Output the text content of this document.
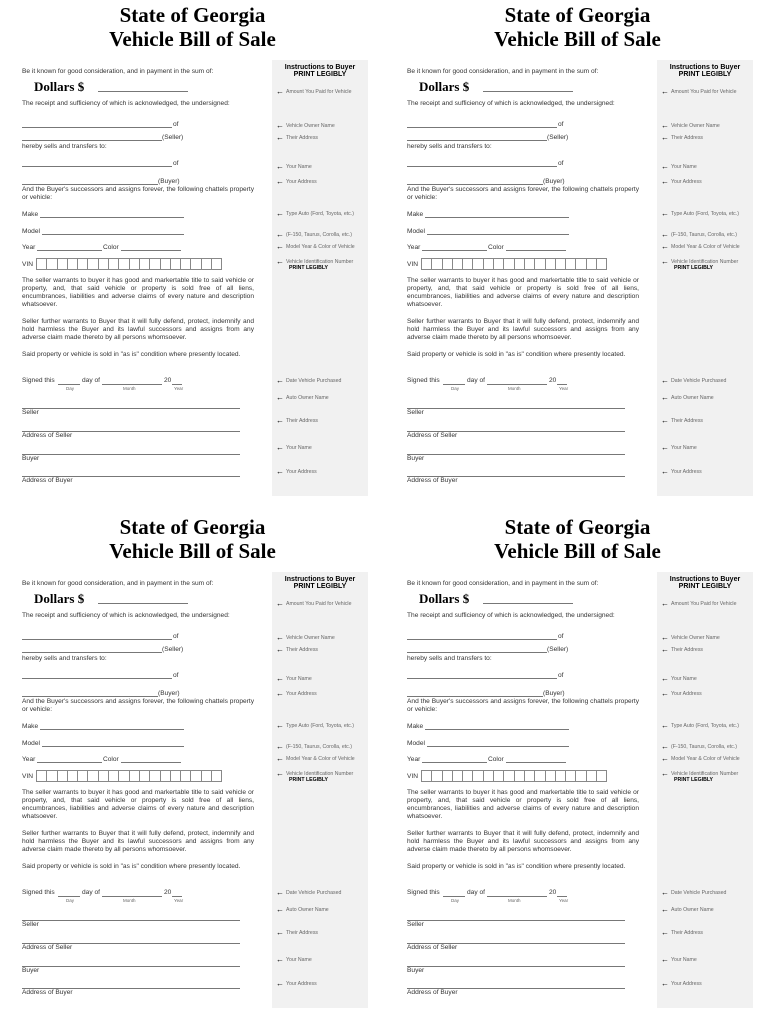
State of Georgia
Vehicle Bill of Sale
Instructions to Buyer
PRINT LEGIBLY
Be it known for good consideration, and in payment in the sum of:
Dollars $
The receipt and sufficiency of which is acknowledged, the undersigned:
of
(Seller)
hereby sells and transfers to:
of
(Buyer)
And the Buyer's successors and assigns forever, the following chattels property or vehicle:
Make
Model
Year	Color
VIN
The seller warrants to buyer it has good and markertable title to said vehicle or property, and, that said vehicle or property is sold free of all liens, encumbrances, liabilities and adverse claims of every nature and description whatsoever.
Seller further warrants to Buyer that it will fully defend, protect, indemnify and hold harmless the Buyer and its lawful successors and assigns from any adverse claim made thereto by all persons whomsoever.
Said property or vehicle is sold in "as is" condition where presently located.
Signed this	day of	20
Day	Month	Year
Seller
Address of Seller
Buyer
Address of Buyer
← Amount You Paid for Vehicle
← Vehicle Owner Name
← Their Address
← Your Name
← Your Address
← Type Auto (Ford, Toyota, etc.)
← (F-150, Taurus, Corolla, etc.)
← Model Year & Color of Vehicle
← Vehicle Identification Number
PRINT LEGIBLY
← Date Vehicle Purchased
← Auto Owner Name
← Their Address
← Your Name
← Your Address
State of Georgia
Vehicle Bill of Sale
Instructions to Buyer
PRINT LEGIBLY
Be it known for good consideration, and in payment in the sum of:
Dollars $
The receipt and sufficiency of which is acknowledged, the undersigned:
of
(Seller)
hereby sells and transfers to:
of
(Buyer)
And the Buyer's successors and assigns forever, the following chattels property or vehicle:
Make
Model
Year	Color
VIN
The seller warrants to buyer it has good and markertable title to said vehicle or property, and, that said vehicle or property is sold free of all liens, encumbrances, liabilities and adverse claims of every nature and description whatsoever.
Seller further warrants to Buyer that it will fully defend, protect, indemnify and hold harmless the Buyer and its lawful successors and assigns from any adverse claim made thereto by all persons whomsoever.
Said property or vehicle is sold in "as is" condition where presently located.
Signed this	day of	20
Day	Month	Year
Seller
Address of Seller
Buyer
Address of Buyer
← Amount You Paid for Vehicle
← Vehicle Owner Name
← Their Address
← Your Name
← Your Address
← Type Auto (Ford, Toyota, etc.)
← (F-150, Taurus, Corolla, etc.)
← Model Year & Color of Vehicle
← Vehicle Identification Number
PRINT LEGIBLY
← Date Vehicle Purchased
← Auto Owner Name
← Their Address
← Your Name
← Your Address
State of Georgia
Vehicle Bill of Sale
Instructions to Buyer
PRINT LEGIBLY
Be it known for good consideration, and in payment in the sum of:
Dollars $
The receipt and sufficiency of which is acknowledged, the undersigned:
of
(Seller)
hereby sells and transfers to:
of
(Buyer)
And the Buyer's successors and assigns forever, the following chattels property or vehicle:
Make
Model
Year	Color
VIN
The seller warrants to buyer it has good and markertable title to said vehicle or property, and, that said vehicle or property is sold free of all liens, encumbrances, liabilities and adverse claims of every nature and description whatsoever.
Seller further warrants to Buyer that it will fully defend, protect, indemnify and hold harmless the Buyer and its lawful successors and assigns from any adverse claim made thereto by all persons whomsoever.
Said property or vehicle is sold in "as is" condition where presently located.
Signed this	day of	20
Day	Month	Year
Seller
Address of Seller
Buyer
Address of Buyer
← Amount You Paid for Vehicle
← Vehicle Owner Name
← Their Address
← Your Name
← Your Address
← Type Auto (Ford, Toyota, etc.)
← (F-150, Taurus, Corolla, etc.)
← Model Year & Color of Vehicle
← Vehicle Identification Number
PRINT LEGIBLY
← Date Vehicle Purchased
← Auto Owner Name
← Their Address
← Your Name
← Your Address
State of Georgia
Vehicle Bill of Sale
Instructions to Buyer
PRINT LEGIBLY
Be it known for good consideration, and in payment in the sum of:
Dollars $
The receipt and sufficiency of which is acknowledged, the undersigned:
of
(Seller)
hereby sells and transfers to:
of
(Buyer)
And the Buyer's successors and assigns forever, the following chattels property or vehicle:
Make
Model
Year	Color
VIN
The seller warrants to buyer it has good and markertable title to said vehicle or property, and, that said vehicle or property is sold free of all liens, encumbrances, liabilities and adverse claims of every nature and description whatsoever.
Seller further warrants to Buyer that it will fully defend, protect, indemnify and hold harmless the Buyer and its lawful successors and assigns from any adverse claim made thereto by all persons whomsoever.
Said property or vehicle is sold in "as is" condition where presently located.
Signed this	day of	20
Day	Month	Year
Seller
Address of Seller
Buyer
Address of Buyer
← Amount You Paid for Vehicle
← Vehicle Owner Name
← Their Address
← Your Name
← Your Address
← Type Auto (Ford, Toyota, etc.)
← (F-150, Taurus, Corolla, etc.)
← Model Year & Color of Vehicle
← Vehicle Identification Number
PRINT LEGIBLY
← Date Vehicle Purchased
← Auto Owner Name
← Their Address
← Your Name
← Your Address
